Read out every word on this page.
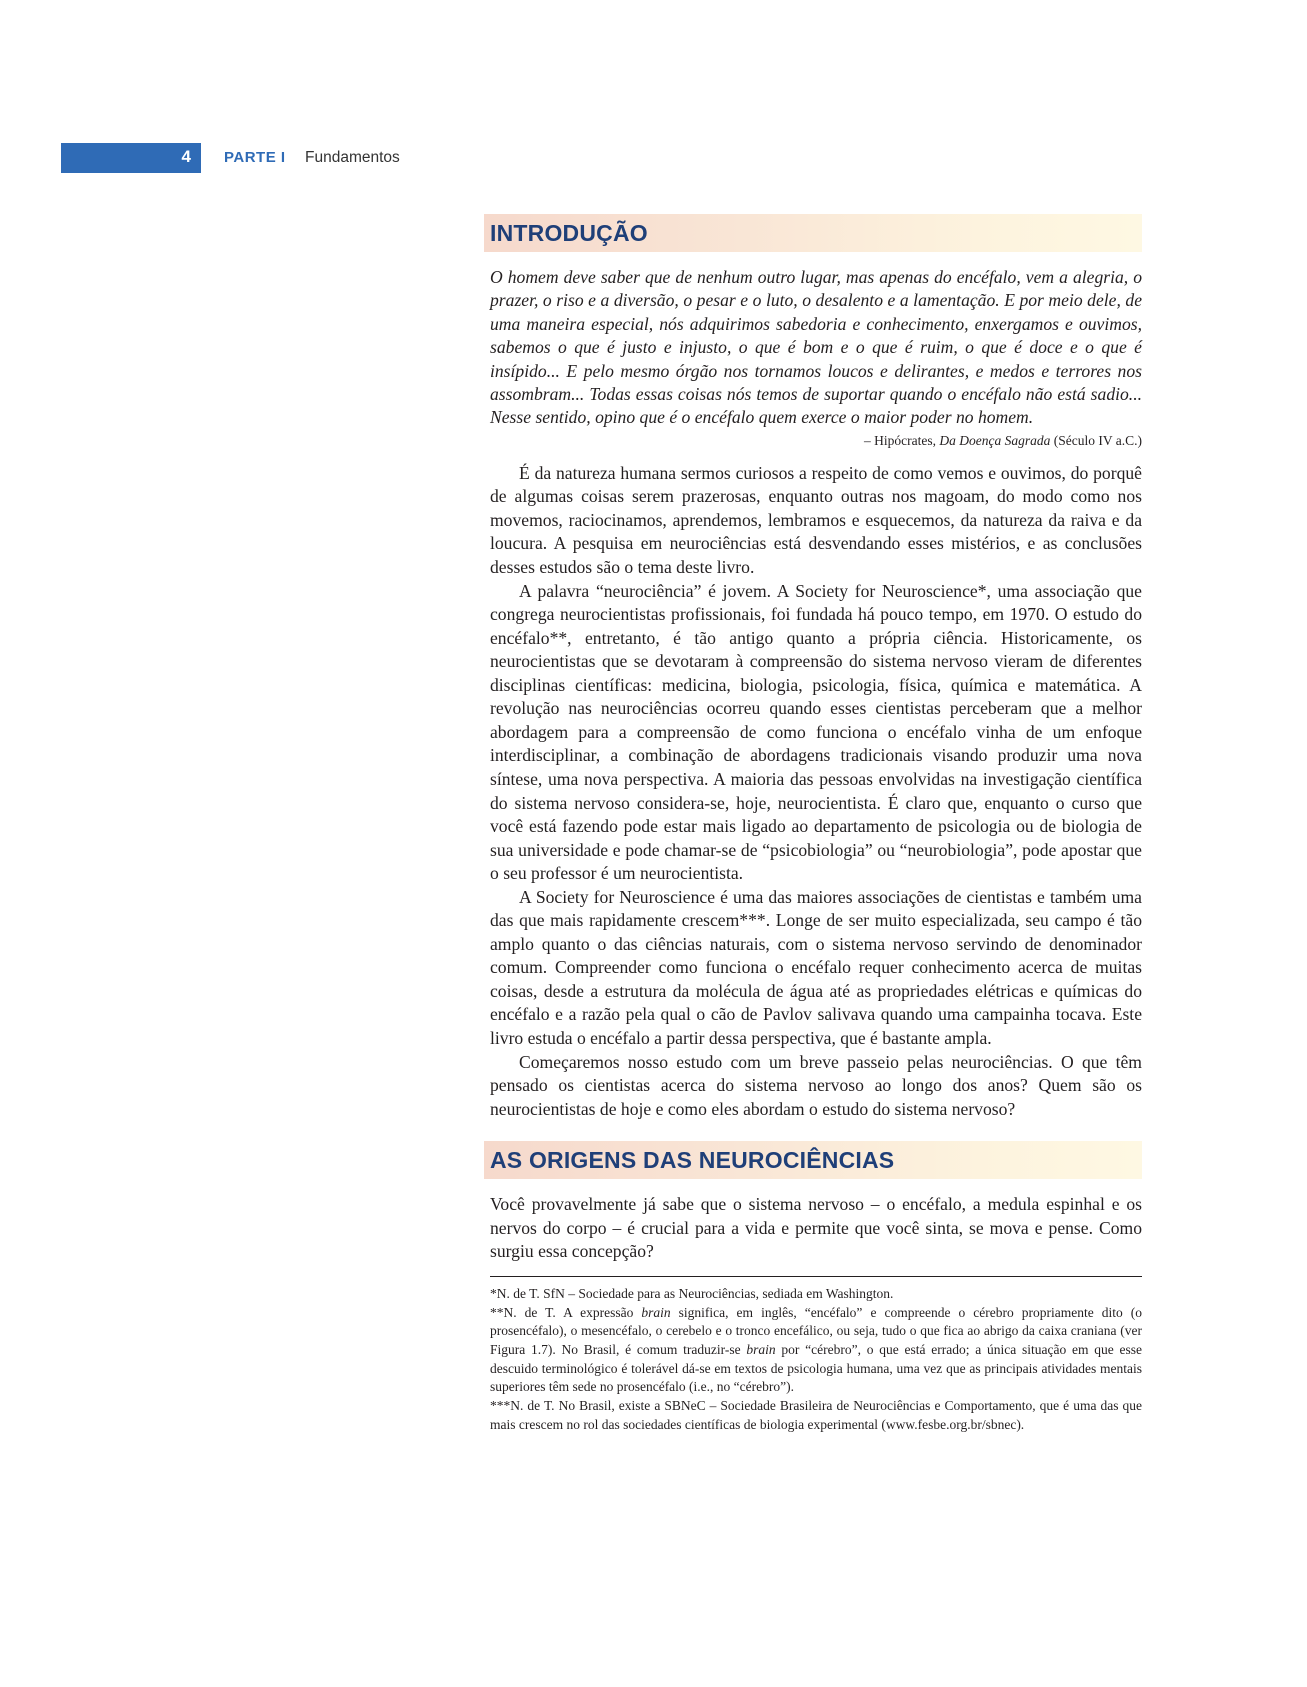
4 PARTE I Fundamentos
INTRODUÇÃO

O homem deve saber que de nenhum outro lugar, mas apenas do encéfalo, vem a alegria, o prazer, o riso e a diversão, o pesar e o luto, o desalento e a lamentação. E por meio dele, de uma maneira especial, nós adquirimos sabedoria e conhecimento, enxergamos e ouvimos, sabemos o que é justo e injusto, o que é bom e o que é ruim, o que é doce e o que é insípido... E pelo mesmo órgão nos tornamos loucos e delirantes, e medos e terrores nos assombram... Todas essas coisas nós temos de suportar quando o encéfalo não está sadio... Nesse sentido, opino que é o encéfalo quem exerce o maior poder no homem.

– Hipócrates, Da Doença Sagrada (Século IV a.C.)

É da natureza humana sermos curiosos a respeito de como vemos e ouvimos, do porquê de algumas coisas serem prazerosas, enquanto outras nos magoam, do modo como nos movemos, raciocinamos, aprendemos, lembramos e esquecemos, da natureza da raiva e da loucura. A pesquisa em neurociências está desvendando esses mistérios, e as conclusões desses estudos são o tema deste livro.

A palavra “neurociência” é jovem. A Society for Neuroscience*, uma associação que congrega neurocientistas profissionais, foi fundada há pouco tempo, em 1970. O estudo do encéfalo**, entretanto, é tão antigo quanto a própria ciência. Historicamente, os neurocientistas que se devotaram à compreensão do sistema nervoso vieram de diferentes disciplinas científicas: medicina, biologia, psicologia, física, química e matemática. A revolução nas neurociências ocorreu quando esses cientistas perceberam que a melhor abordagem para a compreensão de como funciona o encéfalo vinha de um enfoque interdisciplinar, a combinação de abordagens tradicionais visando produzir uma nova síntese, uma nova perspectiva. A maioria das pessoas envolvidas na investigação científica do sistema nervoso considera-se, hoje, neurocientista. É claro que, enquanto o curso que você está fazendo pode estar mais ligado ao departamento de psicologia ou de biologia de sua universidade e pode chamar-se de “psicobiologia” ou “neurobiologia”, pode apostar que o seu professor é um neurocientista.

A Society for Neuroscience é uma das maiores associações de cientistas e também uma das que mais rapidamente crescem***. Longe de ser muito especializada, seu campo é tão amplo quanto o das ciências naturais, com o sistema nervoso servindo de denominador comum. Compreender como funciona o encéfalo requer conhecimento acerca de muitas coisas, desde a estrutura da molécula de água até as propriedades elétricas e químicas do encéfalo e a razão pela qual o cão de Pavlov salivava quando uma campainha tocava. Este livro estuda o encéfalo a partir dessa perspectiva, que é bastante ampla.

Começaremos nosso estudo com um breve passeio pelas neurociências. O que têm pensado os cientistas acerca do sistema nervoso ao longo dos anos? Quem são os neurocientistas de hoje e como eles abordam o estudo do sistema nervoso?

AS ORIGENS DAS NEUROCIÊNCIAS

Você provavelmente já sabe que o sistema nervoso – o encéfalo, a medula espinhal e os nervos do corpo – é crucial para a vida e permite que você sinta, se mova e pense. Como surgiu essa concepção?

*N. de T. SfN – Sociedade para as Neurociências, sediada em Washington.

**N. de T. A expressão brain significa, em inglês, “encéfalo” e compreende o cérebro propriamente dito (o prosencéfalo), o mesencéfalo, o cerebelo e o tronco encefálico, ou seja, tudo o que fica ao abrigo da caixa craniana (ver Figura 1.7). No Brasil, é comum traduzir-se brain por “cérebro”, o que está errado; a única situação em que esse descuido terminológico é tolerável dá-se em textos de psicologia humana, uma vez que as principais atividades mentais superiores têm sede no prosencéfalo (i.e., no “cérebro”).

***N. de T. No Brasil, existe a SBNeC – Sociedade Brasileira de Neurociências e Comportamento, que é uma das que mais crescem no rol das sociedades científicas de biologia experimental (www.fesbe.org.br/sbnec).
